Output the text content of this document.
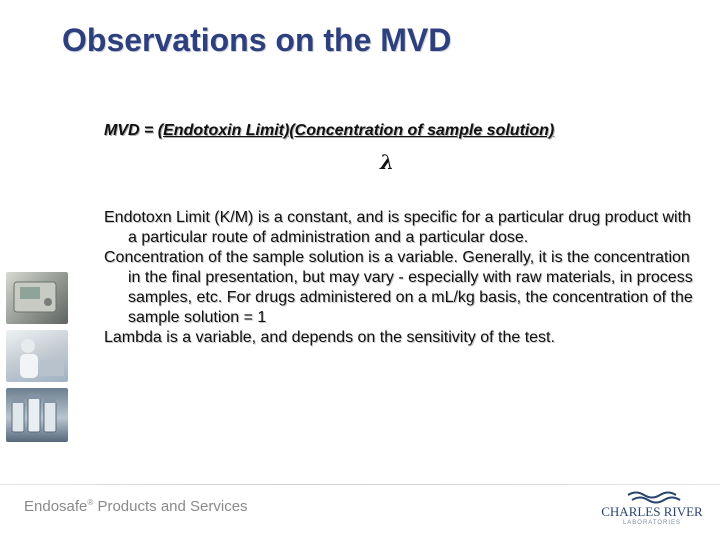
Observations on the MVD
MVD = (Endotoxin Limit)(Concentration of sample solution)
λ

Endotoxn Limit (K/M) is a constant, and is specific for a particular drug product with a particular route of administration and a particular dose.

Concentration of the sample solution is a variable. Generally, it is the concentration in the final presentation, but may vary - especially with raw materials, in process samples, etc. For drugs administered on a mL/kg basis, the concentration of the sample solution = 1

Lambda is a variable, and depends on the sensitivity of the test.

Endosafe® Products and Services	CHARLES RIVER
LABORATORIES
